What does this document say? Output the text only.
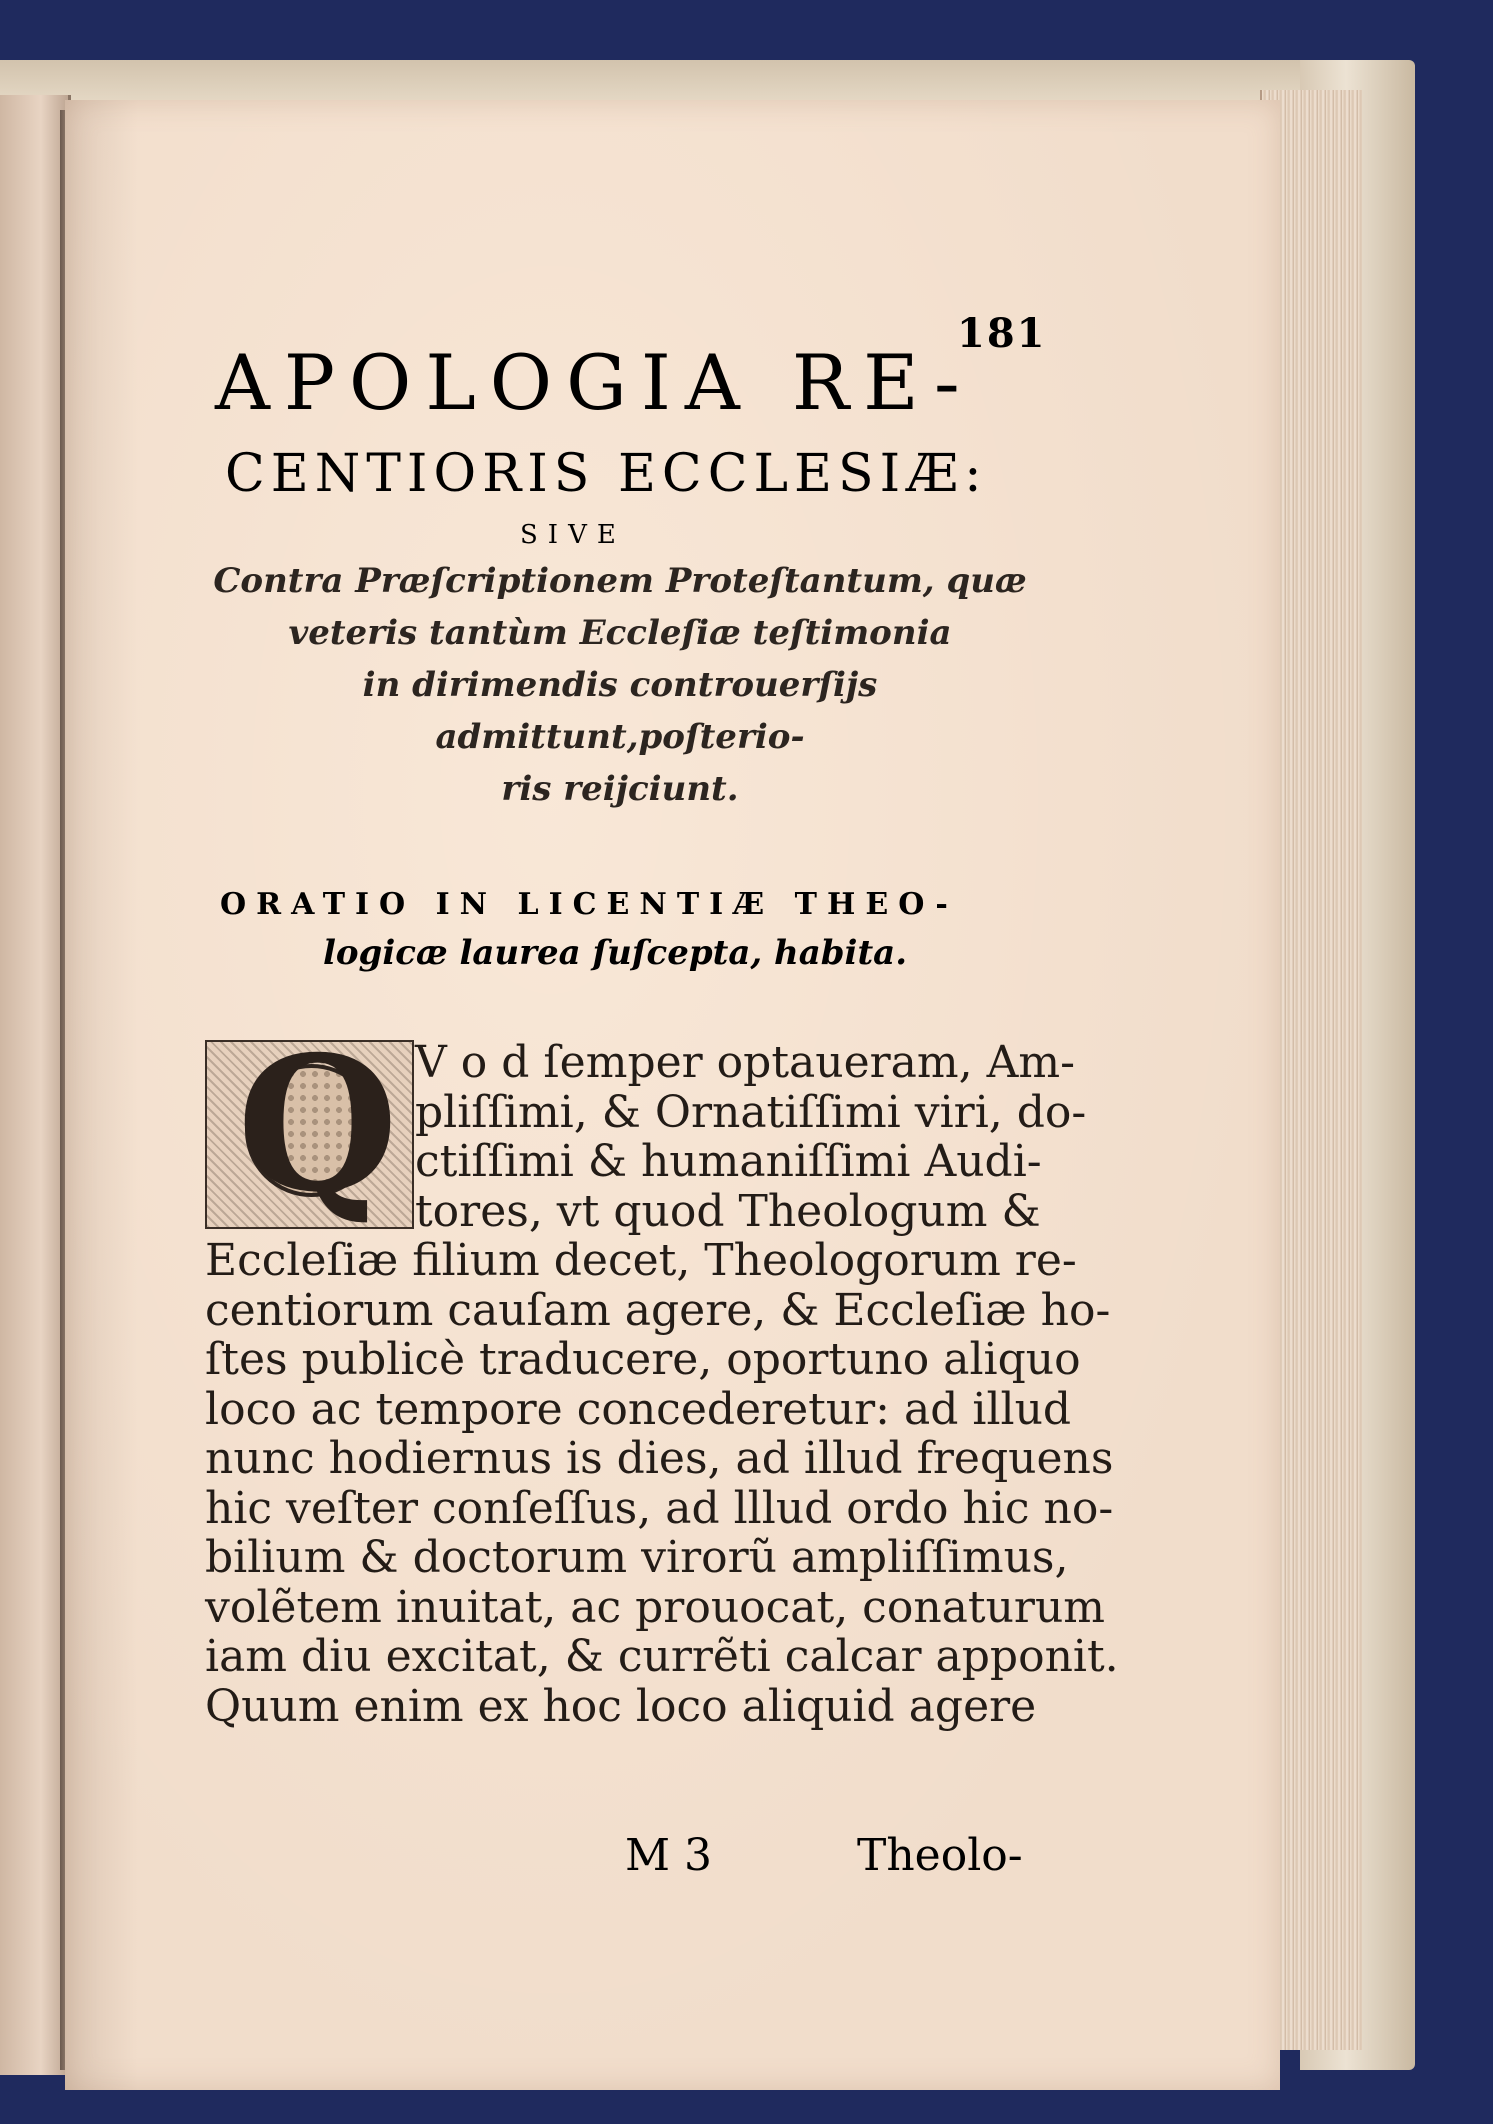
181
APOLOGIA RE-
CENTIORIS ECCLESIÆ:
SIVE
Contra Præſcriptionem Proteſtantum, quæ
veteris tantùm Eccleſiæ teſtimonia
in dirimendis controuerſijs
admittunt,poſterio-
ris reijciunt.
ORATIO IN LICENTIÆ THEO-
logicæ laurea ſuſcepta, habita.
Q V o d ſemper optaueram, Am-
pliſſimi, & Ornatiſſimi viri, do-
ctiſſimi & humaniſſimi Audi-
tores, vt quod Theologum &
Eccleſiæ filium decet, Theologorum re-
centiorum cauſam agere, & Eccleſiæ ho-
ſtes publicè traducere, oportuno aliquo
loco ac tempore concederetur: ad illud
nunc hodiernus is dies, ad illud frequens
hic veſter conſeſſus, ad lllud ordo hic no-
bilium & doctorum virorũ ampliſſimus,
volẽtem inuitat, ac prouocat, conaturum
iam diu excitat, & currẽti calcar apponit.
Quum enim ex hoc loco aliquid agere
M 3	Theolo-
